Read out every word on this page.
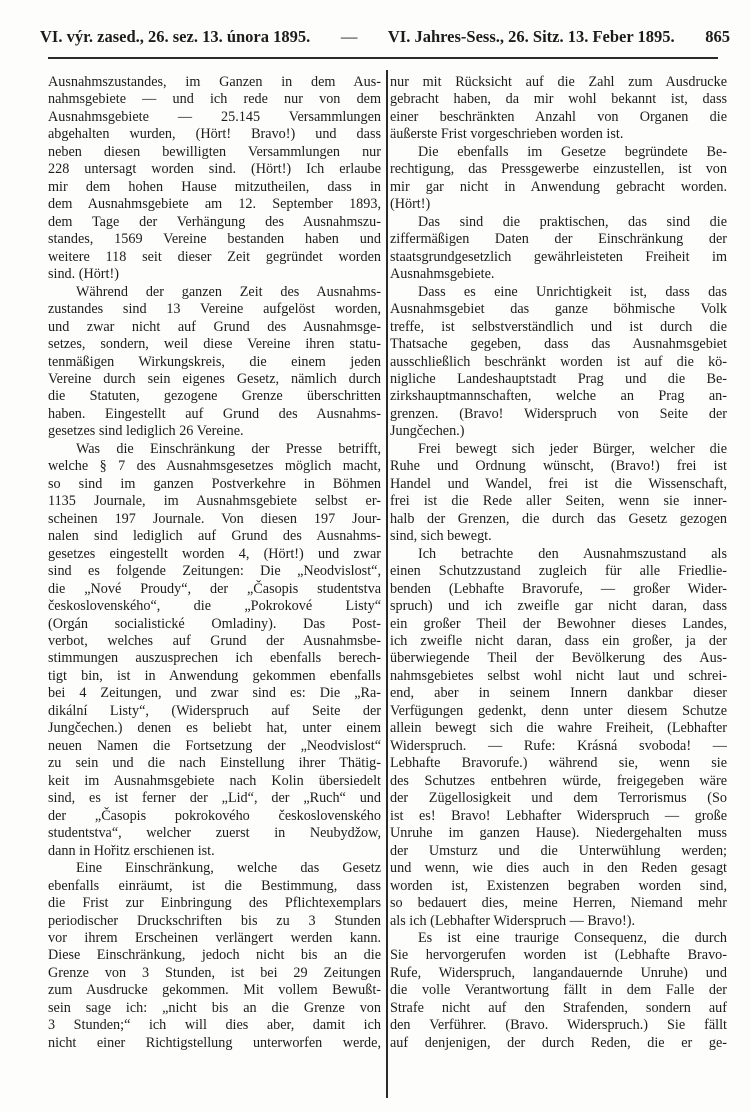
VI. výr. zased., 26. sez. 13. února 1895. — VI. Jahres-Sess., 26. Sitz. 13. Feber 1895. 865
Ausnahmszustandes, im Ganzen in dem Aus-
nahmsgebiete — und ich rede nur von dem
Ausnahmsgebiete — 25.145 Versammlungen
abgehalten wurden, (Hört! Bravo!) und dass
neben diesen bewilligten Versammlungen nur
228 untersagt worden sind. (Hört!) Ich erlaube
mir dem hohen Hause mitzutheilen, dass in
dem Ausnahmsgebiete am 12. September 1893,
dem Tage der Verhängung des Ausnahmszu-
standes, 1569 Vereine bestanden haben und
weitere 118 seit dieser Zeit gegründet worden
sind. (Hört!)
Während der ganzen Zeit des Ausnahms-
zustandes sind 13 Vereine aufgelöst worden,
und zwar nicht auf Grund des Ausnahmsge-
setzes, sondern, weil diese Vereine ihren statu-
tenmäßigen Wirkungskreis, die einem jeden
Vereine durch sein eigenes Gesetz, nämlich durch
die Statuten, gezogene Grenze überschritten
haben. Eingestellt auf Grund des Ausnahms-
gesetzes sind lediglich 26 Vereine.
Was die Einschränkung der Presse betrifft,
welche § 7 des Ausnahmsgesetzes möglich macht,
so sind im ganzen Postverkehre in Böhmen
1135 Journale, im Ausnahmsgebiete selbst er-
scheinen 197 Journale. Von diesen 197 Jour-
nalen sind lediglich auf Grund des Ausnahms-
gesetzes eingestellt worden 4, (Hört!) und zwar
sind es folgende Zeitungen: Die „Neodvislost“,
die „Nové Proudy“, der „Časopis studentstva
československého“, die „Pokrokové Listy“
(Orgán socialistické Omladiny). Das Post-
verbot, welches auf Grund der Ausnahmsbe-
stimmungen auszusprechen ich ebenfalls berech-
tigt bin, ist in Anwendung gekommen ebenfalls
bei 4 Zeitungen, und zwar sind es: Die „Ra-
dikální Listy“, (Widerspruch auf Seite der
Jungčechen.) denen es beliebt hat, unter einem
neuen Namen die Fortsetzung der „Neodvislost“
zu sein und die nach Einstellung ihrer Thätig-
keit im Ausnahmsgebiete nach Kolin übersiedelt
sind, es ist ferner der „Lid“, der „Ruch“ und
der „Časopis pokrokového československého
studentstva“, welcher zuerst in Neubydžow,
dann in Hořitz erschienen ist.
Eine Einschränkung, welche das Gesetz
ebenfalls einräumt, ist die Bestimmung, dass
die Frist zur Einbringung des Pflichtexemplars
periodischer Druckschriften bis zu 3 Stunden
vor ihrem Erscheinen verlängert werden kann.
Diese Einschränkung, jedoch nicht bis an die
Grenze von 3 Stunden, ist bei 29 Zeitungen
zum Ausdrucke gekommen. Mit vollem Bewußt-
sein sage ich: „nicht bis an die Grenze von
3 Stunden;“ ich will dies aber, damit ich
nicht einer Richtigstellung unterworfen werde,
nur mit Rücksicht auf die Zahl zum Ausdrucke
gebracht haben, da mir wohl bekannt ist, dass
einer beschränkten Anzahl von Organen die
äußerste Frist vorgeschrieben worden ist.
Die ebenfalls im Gesetze begründete Be-
rechtigung, das Pressgewerbe einzustellen, ist von
mir gar nicht in Anwendung gebracht worden.
(Hört!)
Das sind die praktischen, das sind die
ziffermäßigen Daten der Einschränkung der
staatsgrundgesetzlich gewährleisteten Freiheit im
Ausnahmsgebiete.
Dass es eine Unrichtigkeit ist, dass das
Ausnahmsgebiet das ganze böhmische Volk
treffe, ist selbstverständlich und ist durch die
Thatsache gegeben, dass das Ausnahmsgebiet
ausschließlich beschränkt worden ist auf die kö-
nigliche Landeshauptstadt Prag und die Be-
zirkshauptmannschaften, welche an Prag an-
grenzen. (Bravo! Widerspruch von Seite der
Jungčechen.)
Frei bewegt sich jeder Bürger, welcher die
Ruhe und Ordnung wünscht, (Bravo!) frei ist
Handel und Wandel, frei ist die Wissenschaft,
frei ist die Rede aller Seiten, wenn sie inner-
halb der Grenzen, die durch das Gesetz gezogen
sind, sich bewegt.
Ich betrachte den Ausnahmszustand als
einen Schutzzustand zugleich für alle Friedlie-
benden (Lebhafte Bravorufe, — großer Wider-
spruch) und ich zweifle gar nicht daran, dass
ein großer Theil der Bewohner dieses Landes,
ich zweifle nicht daran, dass ein großer, ja der
überwiegende Theil der Bevölkerung des Aus-
nahmsgebietes selbst wohl nicht laut und schrei-
end, aber in seinem Innern dankbar dieser
Verfügungen gedenkt, denn unter diesem Schutze
allein bewegt sich die wahre Freiheit, (Lebhafter
Widerspruch. — Rufe: Krásná svoboda! —
Lebhafte Bravorufe.) während sie, wenn sie
des Schutzes entbehren würde, freigegeben wäre
der Zügellosigkeit und dem Terrorismus (So
ist es! Bravo! Lebhafter Widerspruch — große
Unruhe im ganzen Hause). Niedergehalten muss
der Umsturz und die Unterwühlung werden;
und wenn, wie dies auch in den Reden gesagt
worden ist, Existenzen begraben worden sind,
so bedauert dies, meine Herren, Niemand mehr
als ich (Lebhafter Widerspruch — Bravo!).
Es ist eine traurige Consequenz, die durch
Sie hervorgerufen worden ist (Lebhafte Bravo-
Rufe, Widerspruch, langandauernde Unruhe) und
die volle Verantwortung fällt in dem Falle der
Strafe nicht auf den Strafenden, sondern auf
den Verführer. (Bravo. Widerspruch.) Sie fällt
auf denjenigen, der durch Reden, die er ge-
